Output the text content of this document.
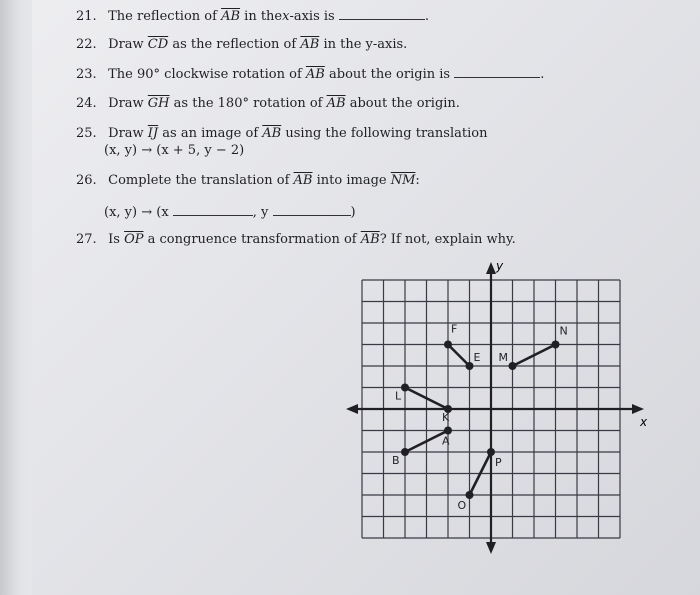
21. The reflection of $\overline{AB}$ in thex-axis is	.
22. Draw $\overline{CD}$ as the reflection of $\overline{AB}$ in the y-axis.
23. The 90° clockwise rotation of $\overline{AB}$ about the origin is	.
24. Draw $\overline{GH}$ as the 180° rotation of $\overline{AB}$ about the origin.
25. Draw $\overline{IJ}$ as an image of $\overline{AB}$ using the following translation
(x, y) → (x + 5, y − 2)
26. Complete the translation of $\overline{AB}$ into image $\overline{NM}$:
(x, y) → (x	, y	)
27. Is $\overline{OP}$ a congruence transformation of $\overline{AB}$? If not, explain why.
F
E M
N
L
K
A
B	P
O
x
y
